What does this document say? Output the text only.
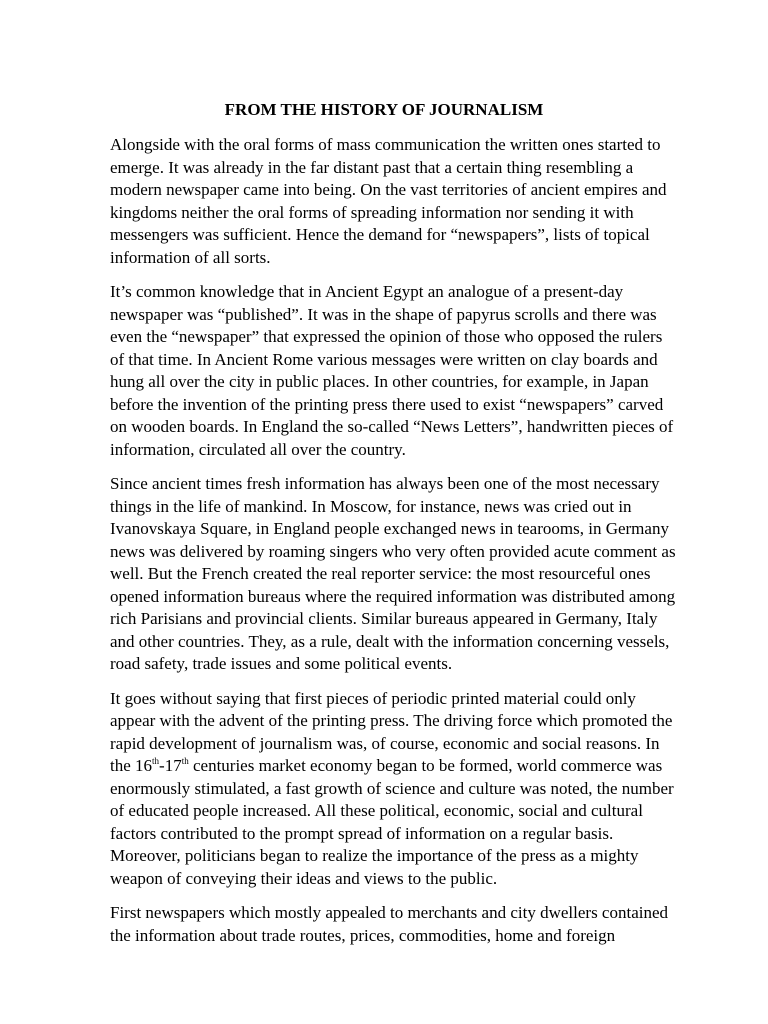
FROM THE HISTORY OF JOURNALISM

Alongside with the oral forms of mass communication the written ones started to
emerge. It was already in the far distant past that a certain thing resembling a
modern newspaper came into being. On the vast territories of ancient empires and
kingdoms neither the oral forms of spreading information nor sending it with
messengers was sufficient. Hence the demand for “newspapers”, lists of topical
information of all sorts.

It’s common knowledge that in Ancient Egypt an analogue of a present-day
newspaper was “published”. It was in the shape of papyrus scrolls and there was
even the “newspaper” that expressed the opinion of those who opposed the rulers
of that time. In Ancient Rome various messages were written on clay boards and
hung all over the city in public places. In other countries, for example, in Japan
before the invention of the printing press there used to exist “newspapers” carved
on wooden boards. In England the so-called “News Letters”, handwritten pieces of
information, circulated all over the country.

Since ancient times fresh information has always been one of the most necessary
things in the life of mankind. In Moscow, for instance, news was cried out in
Ivanovskaya Square, in England people exchanged news in tearooms, in Germany
news was delivered by roaming singers who very often provided acute comment as
well. But the French created the real reporter service: the most resourceful ones
opened information bureaus where the required information was distributed among
rich Parisians and provincial clients. Similar bureaus appeared in Germany, Italy
and other countries. They, as a rule, dealt with the information concerning vessels,
road safety, trade issues and some political events.

It goes without saying that first pieces of periodic printed material could only
appear with the advent of the printing press. The driving force which promoted the
rapid development of journalism was, of course, economic and social reasons. In
the 16th-17th centuries market economy began to be formed, world commerce was
enormously stimulated, a fast growth of science and culture was noted, the number
of educated people increased. All these political, economic, social and cultural
factors contributed to the prompt spread of information on a regular basis.
Moreover, politicians began to realize the importance of the press as a mighty
weapon of conveying their ideas and views to the public.

First newspapers which mostly appealed to merchants and city dwellers contained
the information about trade routes, prices, commodities, home and foreign
